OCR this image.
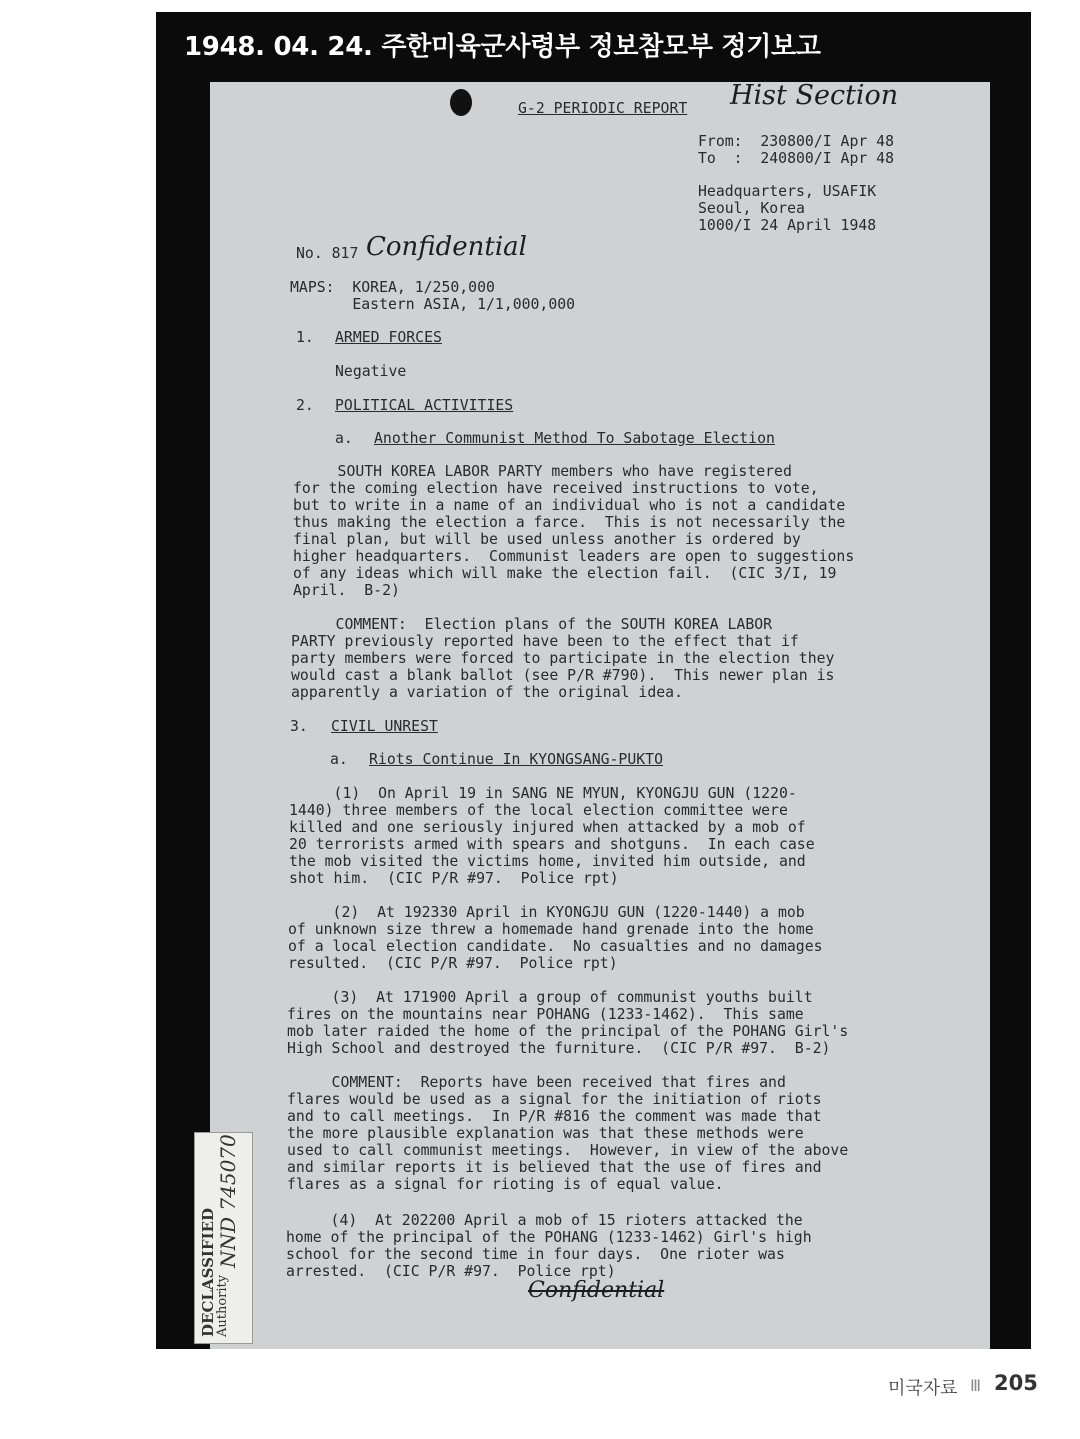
1948. 04. 24. 주한미육군사령부 정보참모부 정기보고
Hist Section
G-2 PERIODIC REPORT
From:  230800/I Apr 48
To  :  240800/I Apr 48
Headquarters, USAFIK
Seoul, Korea
1000/I 24 April 1948
No. 817 Confidential
MAPS:  KOREA, 1/250,000
Eastern ASIA, 1/1,000,000
1. ARMED FORCES
Negative
2. POLITICAL ACTIVITIES
a. Another Communist Method To Sabotage Election
SOUTH KOREA LABOR PARTY members who have registered
for the coming election have received instructions to vote,
but to write in a name of an individual who is not a candidate
thus making the election a farce.  This is not necessarily the
final plan, but will be used unless another is ordered by
higher headquarters.  Communist leaders are open to suggestions
of any ideas which will make the election fail.  (CIC 3/I, 19
April.  B-2)
COMMENT:  Election plans of the SOUTH KOREA LABOR
PARTY previously reported have been to the effect that if
party members were forced to participate in the election they
would cast a blank ballot (see P/R #790).  This newer plan is
apparently a variation of the original idea.
3. CIVIL UNREST
a. Riots Continue In KYONGSANG-PUKTO
(1)  On April 19 in SANG NE MYUN, KYONGJU GUN (1220-
1440) three members of the local election committee were
killed and one seriously injured when attacked by a mob of
20 terrorists armed with spears and shotguns.  In each case
the mob visited the victims home, invited him outside, and
shot him.  (CIC P/R #97.  Police rpt)
(2)  At 192330 April in KYONGJU GUN (1220-1440) a mob
of unknown size threw a homemade hand grenade into the home
of a local election candidate.  No casualties and no damages
resulted.  (CIC P/R #97.  Police rpt)
(3)  At 171900 April a group of communist youths built
fires on the mountains near POHANG (1233-1462).  This same
mob later raided the home of the principal of the POHANG Girl's
High School and destroyed the furniture.  (CIC P/R #97.  B-2)
COMMENT:  Reports have been received that fires and
flares would be used as a signal for the initiation of riots
and to call meetings.  In P/R #816 the comment was made that
the more plausible explanation was that these methods were
used to call communist meetings.  However, in view of the above
and similar reports it is believed that the use of fires and
flares as a signal for rioting is of equal value.
(4)  At 202200 April a mob of 15 rioters attacked the
home of the principal of the POHANG (1233-1462) Girl's high
school for the second time in four days.  One rioter was
arrested.  (CIC P/R #97.  Police rpt)
Confidential
DECLASSIFIED
Authority
NND 745070
미국자료 Ⅲ 205
